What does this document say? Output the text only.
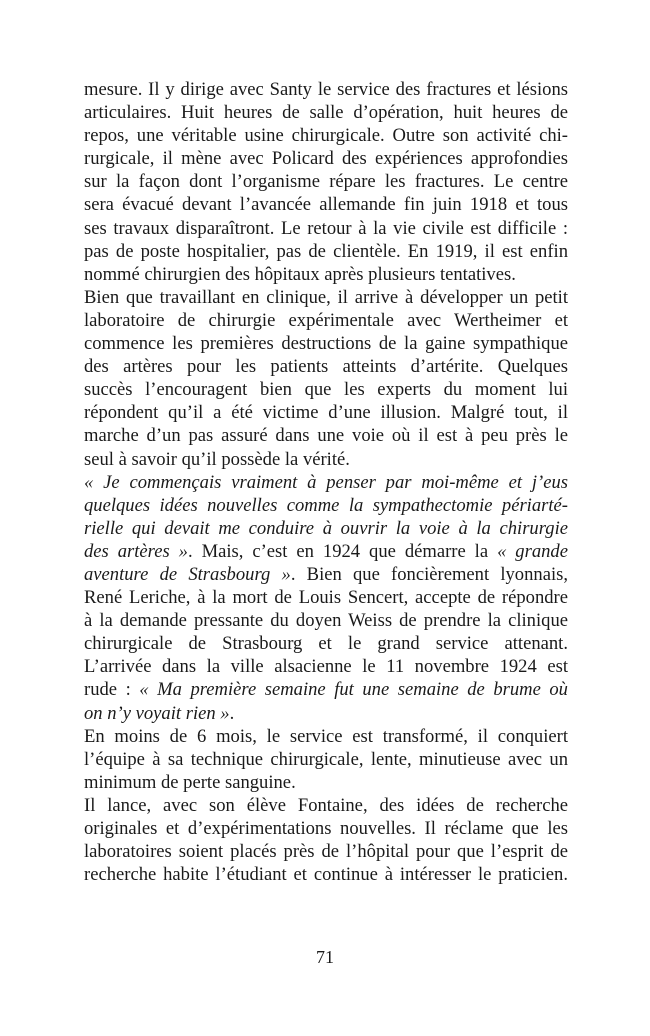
mesure. Il y dirige avec Santy le service des fractures et lésions
articulaires. Huit heures de salle d’opération, huit heures de
repos, une véritable usine chirurgicale. Outre son activité chi-
rurgicale, il mène avec Policard des expériences approfondies
sur la façon dont l’organisme répare les fractures. Le centre
sera évacué devant l’avancée allemande fin juin 1918 et tous
ses travaux disparaîtront. Le retour à la vie civile est difficile :
pas de poste hospitalier, pas de clientèle. En 1919, il est enfin
nommé chirurgien des hôpitaux après plusieurs tentatives.
Bien que travaillant en clinique, il arrive à développer un petit
laboratoire de chirurgie expérimentale avec Wertheimer et
commence les premières destructions de la gaine sympathique
des artères pour les patients atteints d’artérite. Quelques
succès l’encouragent bien que les experts du moment lui
répondent qu’il a été victime d’une illusion. Malgré tout, il
marche d’un pas assuré dans une voie où il est à peu près le
seul à savoir qu’il possède la vérité.
« Je commençais vraiment à penser par moi-même et j’eus
quelques idées nouvelles comme la sympathectomie périarté-
rielle qui devait me conduire à ouvrir la voie à la chirurgie
des artères ». Mais, c’est en 1924 que démarre la « grande
aventure de Strasbourg ». Bien que foncièrement lyonnais,
René Leriche, à la mort de Louis Sencert, accepte de répondre
à la demande pressante du doyen Weiss de prendre la clinique
chirurgicale de Strasbourg et le grand service attenant.
L’arrivée dans la ville alsacienne le 11 novembre 1924 est
rude : « Ma première semaine fut une semaine de brume où
on n’y voyait rien ».
En moins de 6 mois, le service est transformé, il conquiert
l’équipe à sa technique chirurgicale, lente, minutieuse avec un
minimum de perte sanguine.
Il lance, avec son élève Fontaine, des idées de recherche
originales et d’expérimentations nouvelles. Il réclame que les
laboratoires soient placés près de l’hôpital pour que l’esprit de
recherche habite l’étudiant et continue à intéresser le praticien.
71
